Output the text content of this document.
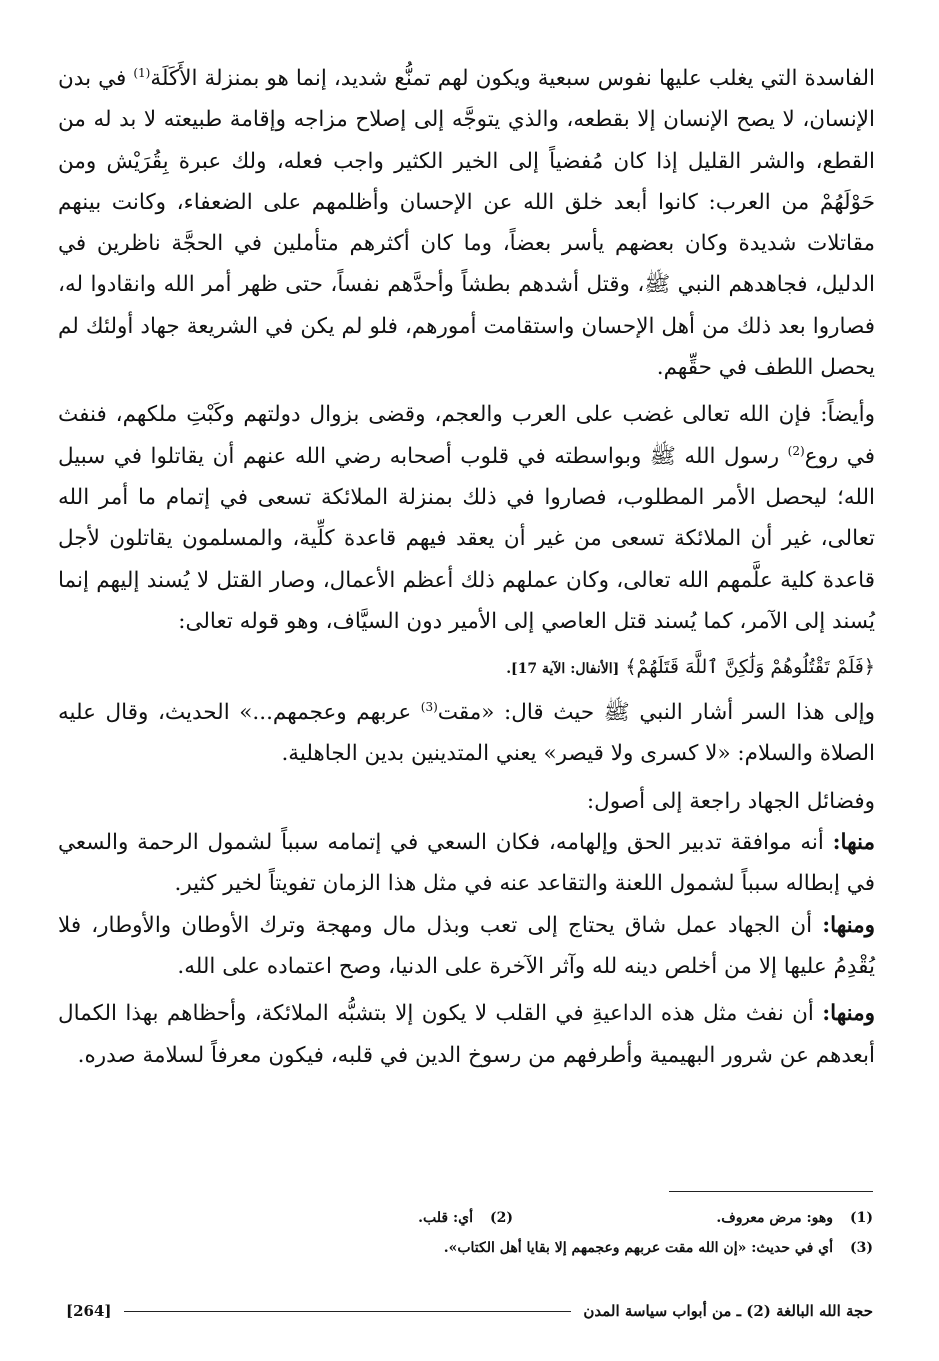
الفاسدة التي يغلب عليها نفوس سبعية ويكون لهم تمنُّع شديد، إنما هو بمنزلة الأَكَلَة$^{(1)}$ في بدن الإنسان، لا يصح الإنسان إلا بقطعه، والذي يتوجَّه إلى إصلاح مزاجه وإقامة طبيعته لا بد له من القطع، والشر القليل إذا كان مُفضياً إلى الخير الكثير واجب فعله، ولك عبرة بِقُرَيْش ومن حَوْلَهُمْ من العرب: كانوا أبعد خلق الله عن الإحسان وأظلمهم على الضعفاء، وكانت بينهم مقاتلات شديدة وكان بعضهم يأسر بعضاً، وما كان أكثرهم متأملين في الحجَّة ناظرين في الدليل، فجاهدهم النبي ﷺ، وقتل أشدهم بطشاً وأحدَّهم نفساً، حتى ظهر أمر الله وانقادوا له، فصاروا بعد ذلك من أهل الإحسان واستقامت أمورهم، فلو لم يكن في الشريعة جهاد أولئك لم يحصل اللطف في حقِّهم.

وأيضاً: فإن الله تعالى غضب على العرب والعجم، وقضى بزوال دولتهم وكَبْتِ ملكهم، فنفث في روع$^{(2)}$ رسول الله ﷺ وبواسطته في قلوب أصحابه رضي الله عنهم أن يقاتلوا في سبيل الله؛ ليحصل الأمر المطلوب، فصاروا في ذلك بمنزلة الملائكة تسعى في إتمام ما أمر الله تعالى، غير أن الملائكة تسعى من غير أن يعقد فيهم قاعدة كلِّية، والمسلمون يقاتلون لأجل قاعدة كلية علَّمهم الله تعالى، وكان عملهم ذلك أعظم الأعمال، وصار القتل لا يُسند إليهم إنما يُسند إلى الآمر، كما يُسند قتل العاصي إلى الأمير دون السيَّاف، وهو قوله تعالى:

﴿فَلَمْ تَقْتُلُوهُمْ وَلَٰكِنَّ ٱللَّهَ قَتَلَهُمْ﴾ [الأنفال: الآية 17].

وإلى هذا السر أشار النبي ﷺ حيث قال: «مقت$^{(3)}$ عربهم وعجمهم...» الحديث، وقال عليه الصلاة والسلام: «لا كسرى ولا قيصر» يعني المتدينين بدين الجاهلية.

وفضائل الجهاد راجعة إلى أصول:

منها: أنه موافقة تدبير الحق وإلهامه، فكان السعي في إتمامه سبباً لشمول الرحمة والسعي في إبطاله سبباً لشمول اللعنة والتقاعد عنه في مثل هذا الزمان تفويتاً لخير كثير.

ومنها: أن الجهاد عمل شاق يحتاج إلى تعب وبذل مال ومهجة وترك الأوطان والأوطار، فلا يُقْدِمُ عليها إلا من أخلص دينه لله وآثر الآخرة على الدنيا، وصح اعتماده على الله.

ومنها: أن نفث مثل هذه الداعيةِ في القلب لا يكون إلا بتشبُّه الملائكة، وأحظاهم بهذا الكمال أبعدهم عن شرور البهيمية وأطرفهم من رسوخ الدين في قلبه، فيكون معرفاً لسلامة صدره.

(1)
وهو: مرض معروف.
(2)
أي: قلب.
(3)
أي في حديث: «إن الله مقت عربهم وعجمهم إلا بقايا أهل الكتاب».
حجة الله البالغة (2) ـ من أبواب سياسة المدن
[264]
